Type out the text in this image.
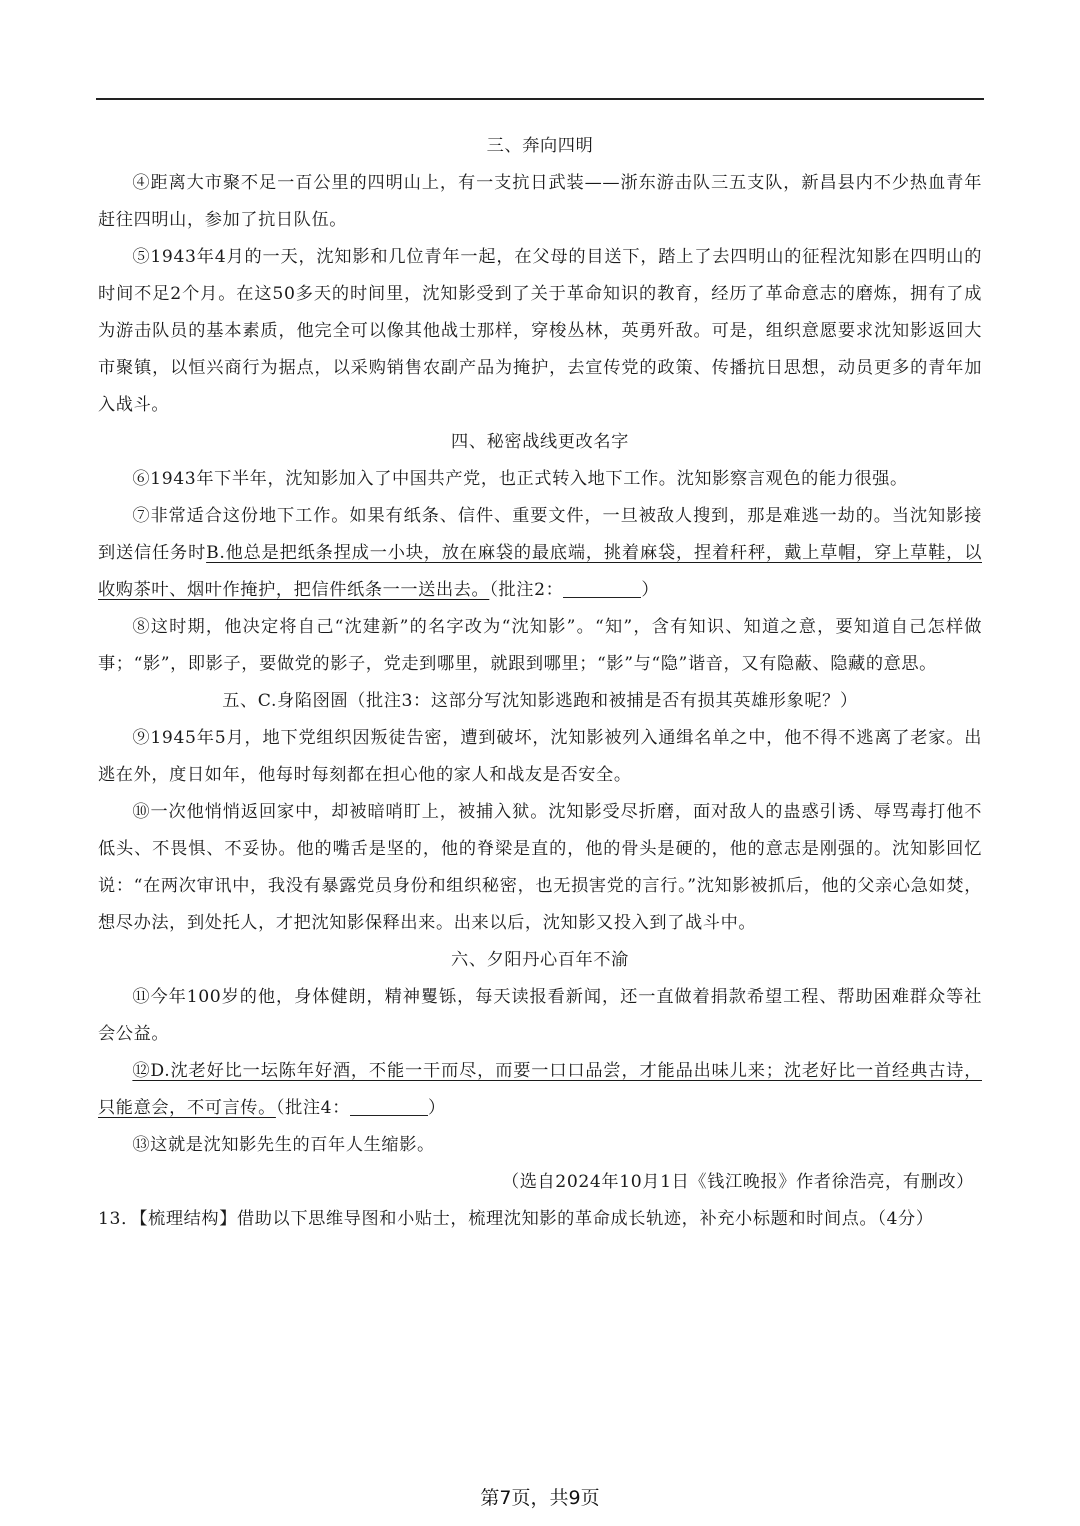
三、奔向四明

④距离大市聚不足一百公里的四明山上，有一支抗日武装——浙东游击队三五支队，新昌县内不少热血青年赶往四明山，参加了抗日队伍。

⑤1943年4月的一天，沈知影和几位青年一起，在父母的目送下，踏上了去四明山的征程沈知影在四明山的时间不足2个月。在这50多天的时间里，沈知影受到了关于革命知识的教育，经历了革命意志的磨炼，拥有了成为游击队员的基本素质，他完全可以像其他战士那样，穿梭丛林，英勇歼敌。可是，组织意愿要求沈知影返回大市聚镇，以恒兴商行为据点，以采购销售农副产品为掩护，去宣传党的政策、传播抗日思想，动员更多的青年加入战斗。

四、秘密战线更改名字

⑥1943年下半年，沈知影加入了中国共产党，也正式转入地下工作。沈知影察言观色的能力很强。

⑦非常适合这份地下工作。如果有纸条、信件、重要文件，一旦被敌人搜到，那是难逃一劫的。当沈知影接到送信任务时B.他总是把纸条捏成一小块，放在麻袋的最底端，挑着麻袋，捏着秆秤，戴上草帽，穿上草鞋，以收购茶叶、烟叶作掩护，把信件纸条一一送出去。（批注2：	）

⑧这时期，他决定将自己“沈建新”的名字改为“沈知影”。“知”，含有知识、知道之意，要知道自己怎样做事；“影”，即影子，要做党的影子，党走到哪里，就跟到哪里；“影”与“隐”谐音，又有隐蔽、隐藏的意思。

五、C.身陷囹圄（批注3：这部分写沈知影逃跑和被捕是否有损其英雄形象呢？）

⑨1945年5月，地下党组织因叛徒告密，遭到破坏，沈知影被列入通缉名单之中，他不得不逃离了老家。出逃在外，度日如年，他每时每刻都在担心他的家人和战友是否安全。

⑩一次他悄悄返回家中，却被暗哨盯上，被捕入狱。沈知影受尽折磨，面对敌人的蛊惑引诱、辱骂毒打他不低头、不畏惧、不妥协。他的嘴舌是坚的，他的脊梁是直的，他的骨头是硬的，他的意志是刚强的。沈知影回忆说：“在两次审讯中，我没有暴露党员身份和组织秘密，也无损害党的言行。”沈知影被抓后，他的父亲心急如焚，想尽办法，到处托人，才把沈知影保释出来。出来以后，沈知影又投入到了战斗中。

六、夕阳丹心百年不渝

⑪今年100岁的他，身体健朗，精神矍铄，每天读报看新闻，还一直做着捐款希望工程、帮助困难群众等社会公益。

⑫D.沈老好比一坛陈年好酒，不能一干而尽，而要一口口品尝，才能品出味儿来；沈老好比一首经典古诗，只能意会，不可言传。（批注4：	）

⑬这就是沈知影先生的百年人生缩影。

（选自2024年10月1日《钱江晚报》作者徐浩亮，有删改）
13．【梳理结构】借助以下思维导图和小贴士，梳理沈知影的革命成长轨迹，补充小标题和时间点。（4分）
第7页，共9页
